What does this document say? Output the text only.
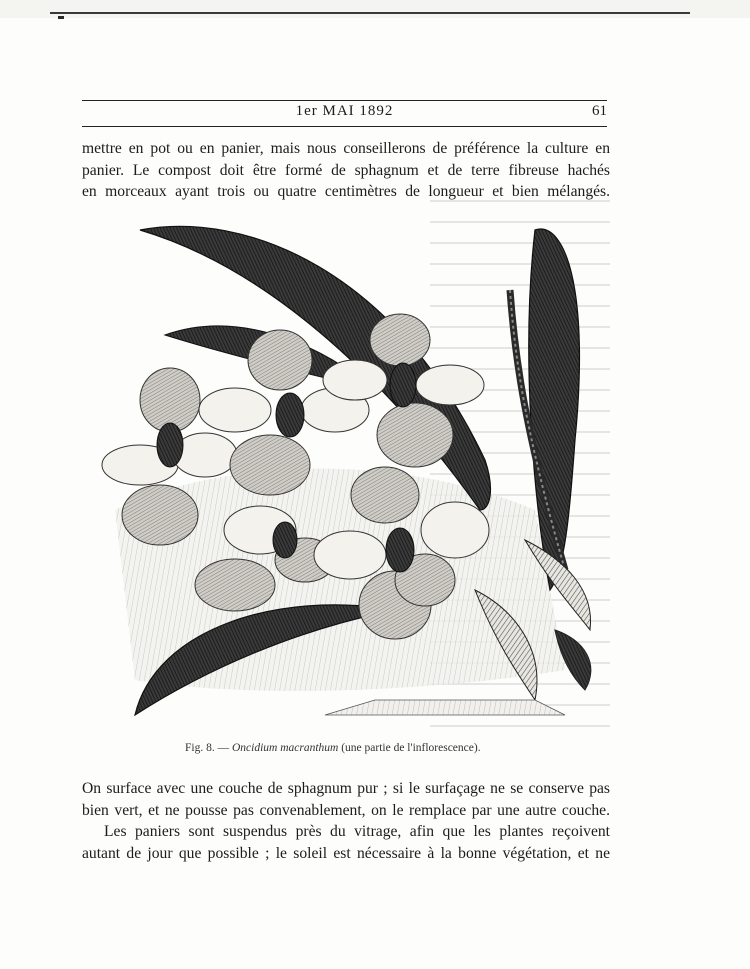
1er MAI 1892	61
mettre en pot ou en panier, mais nous conseillerons de préférence la culture en
panier. Le compost doit être formé de sphagnum et de terre fibreuse hachés
en morceaux ayant trois ou quatre centimètres de longueur et bien mélangés.
Fig. 8. — Oncidium macranthum (une partie de l'inflorescence).
On surface avec une couche de sphagnum pur ; si le surfaçage ne se conserve pas
bien vert, et ne pousse pas convenablement, on le remplace par une autre couche.
Les paniers sont suspendus près du vitrage, afin que les plantes reçoivent
autant de jour que possible ; le soleil est nécessaire à la bonne végétation, et ne
